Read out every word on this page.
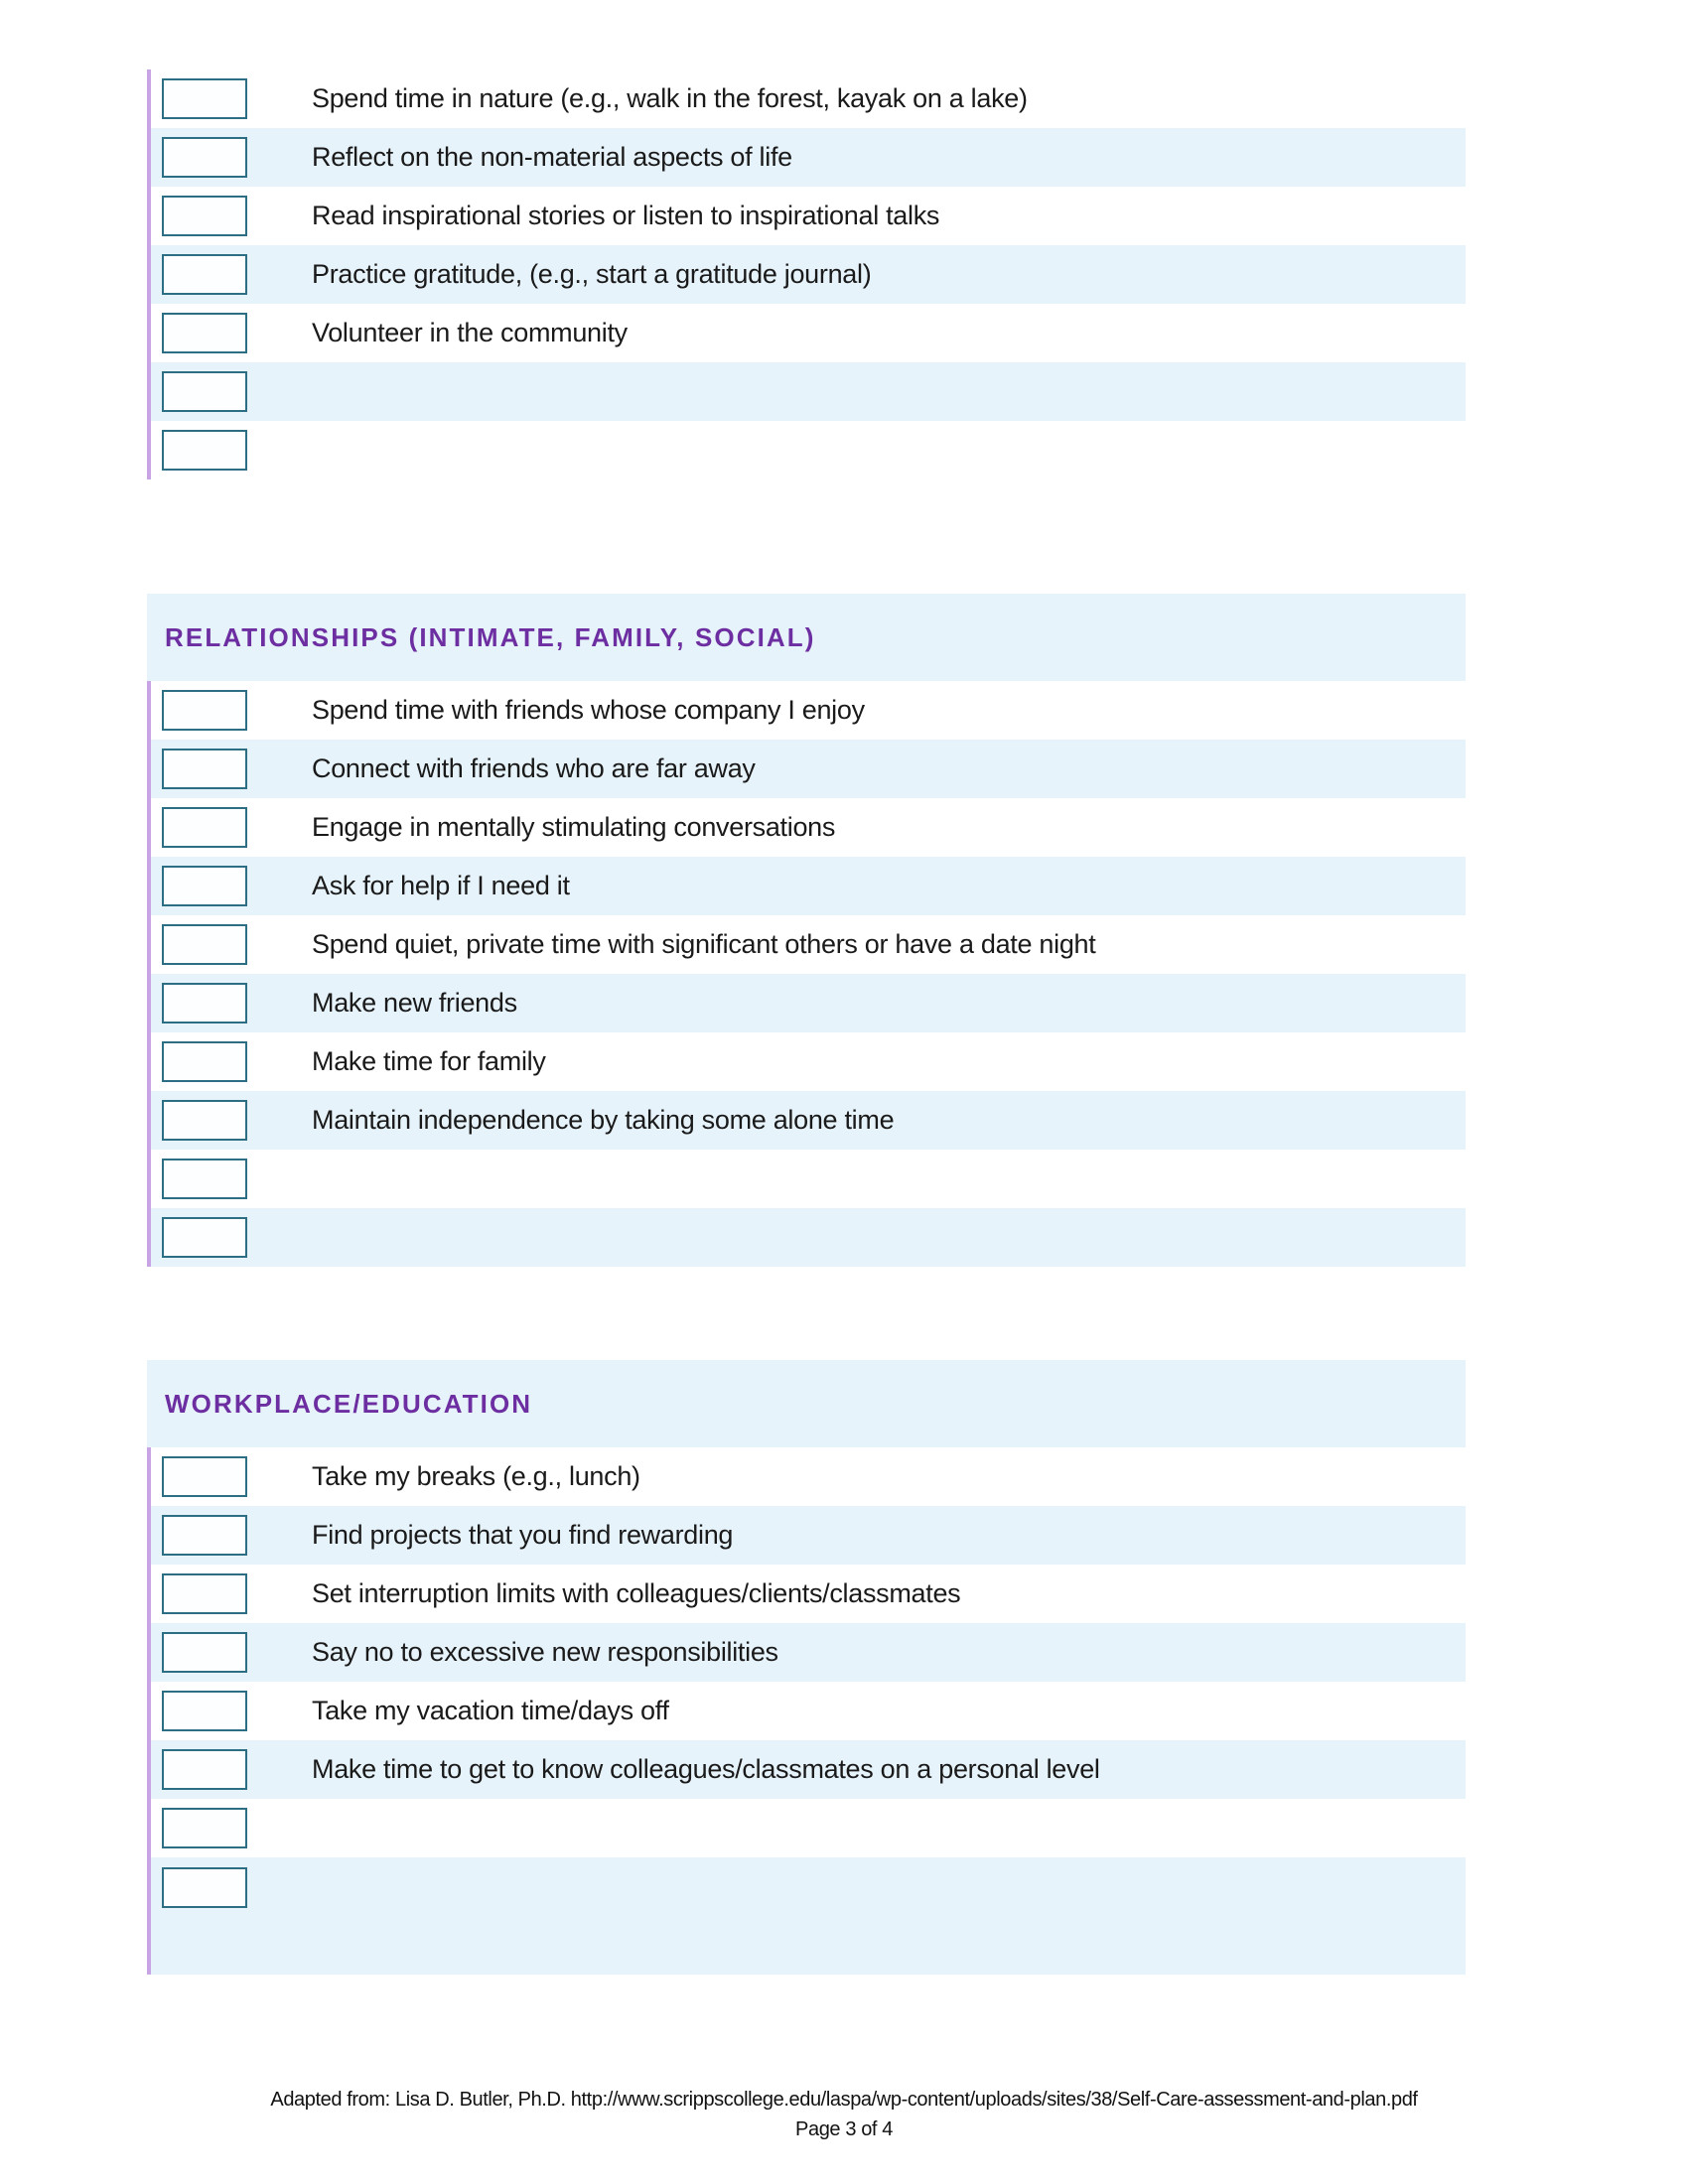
Spend time in nature (e.g., walk in the forest, kayak on a lake)
Reflect on the non-material aspects of life
Read inspirational stories or listen to inspirational talks
Practice gratitude, (e.g., start a gratitude journal)
Volunteer in the community
RELATIONSHIPS (INTIMATE, FAMILY, SOCIAL)
Spend time with friends whose company I enjoy
Connect with friends who are far away
Engage in mentally stimulating conversations
Ask for help if I need it
Spend quiet, private time with significant others or have a date night
Make new friends
Make time for family
Maintain independence by taking some alone time
WORKPLACE/EDUCATION
Take my breaks (e.g., lunch)
Find projects that you find rewarding
Set interruption limits with colleagues/clients/classmates
Say no to excessive new responsibilities
Take my vacation time/days off
Make time to get to know colleagues/classmates on a personal level
Adapted from: Lisa D. Butler, Ph.D. http://www.scrippscollege.edu/laspa/wp-content/uploads/sites/38/Self-Care-assessment-and-plan.pdf
Page 3 of 4
